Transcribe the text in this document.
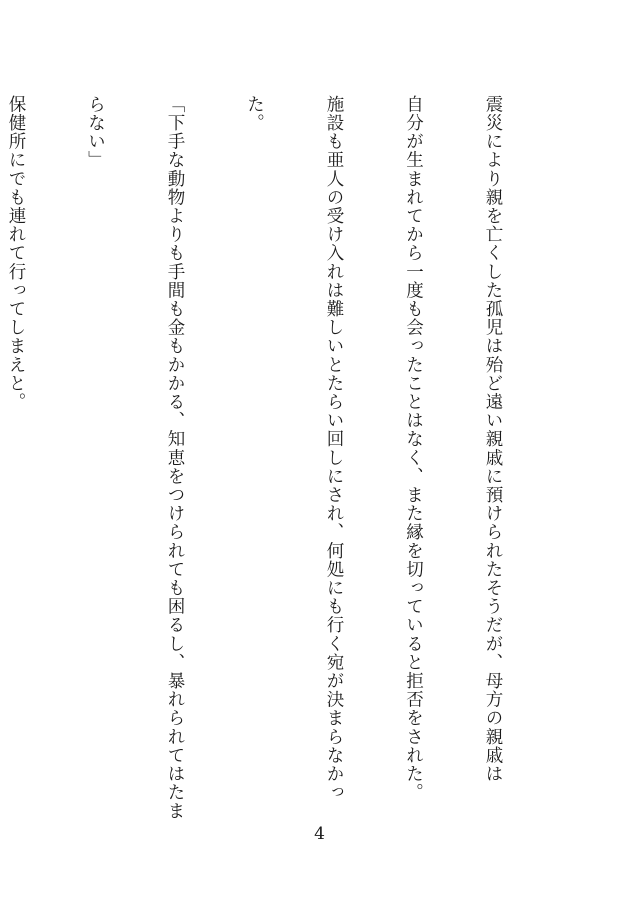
震災により親を亡くした孤児は殆ど遠い親戚に預けられたそうだが、母方の親戚は

自分が生まれてから一度も会ったことはなく、また縁を切っていると拒否をされた。

施設も亜人の受け入れは難しいとたらい回しにされ、何処にも行く宛が決まらなかっ

た。

「下手な動物よりも手間も金もかかる、知恵をつけられても困るし、暴れられてはたま

らない」

保健所にでも連れて行ってしまえと。

4
